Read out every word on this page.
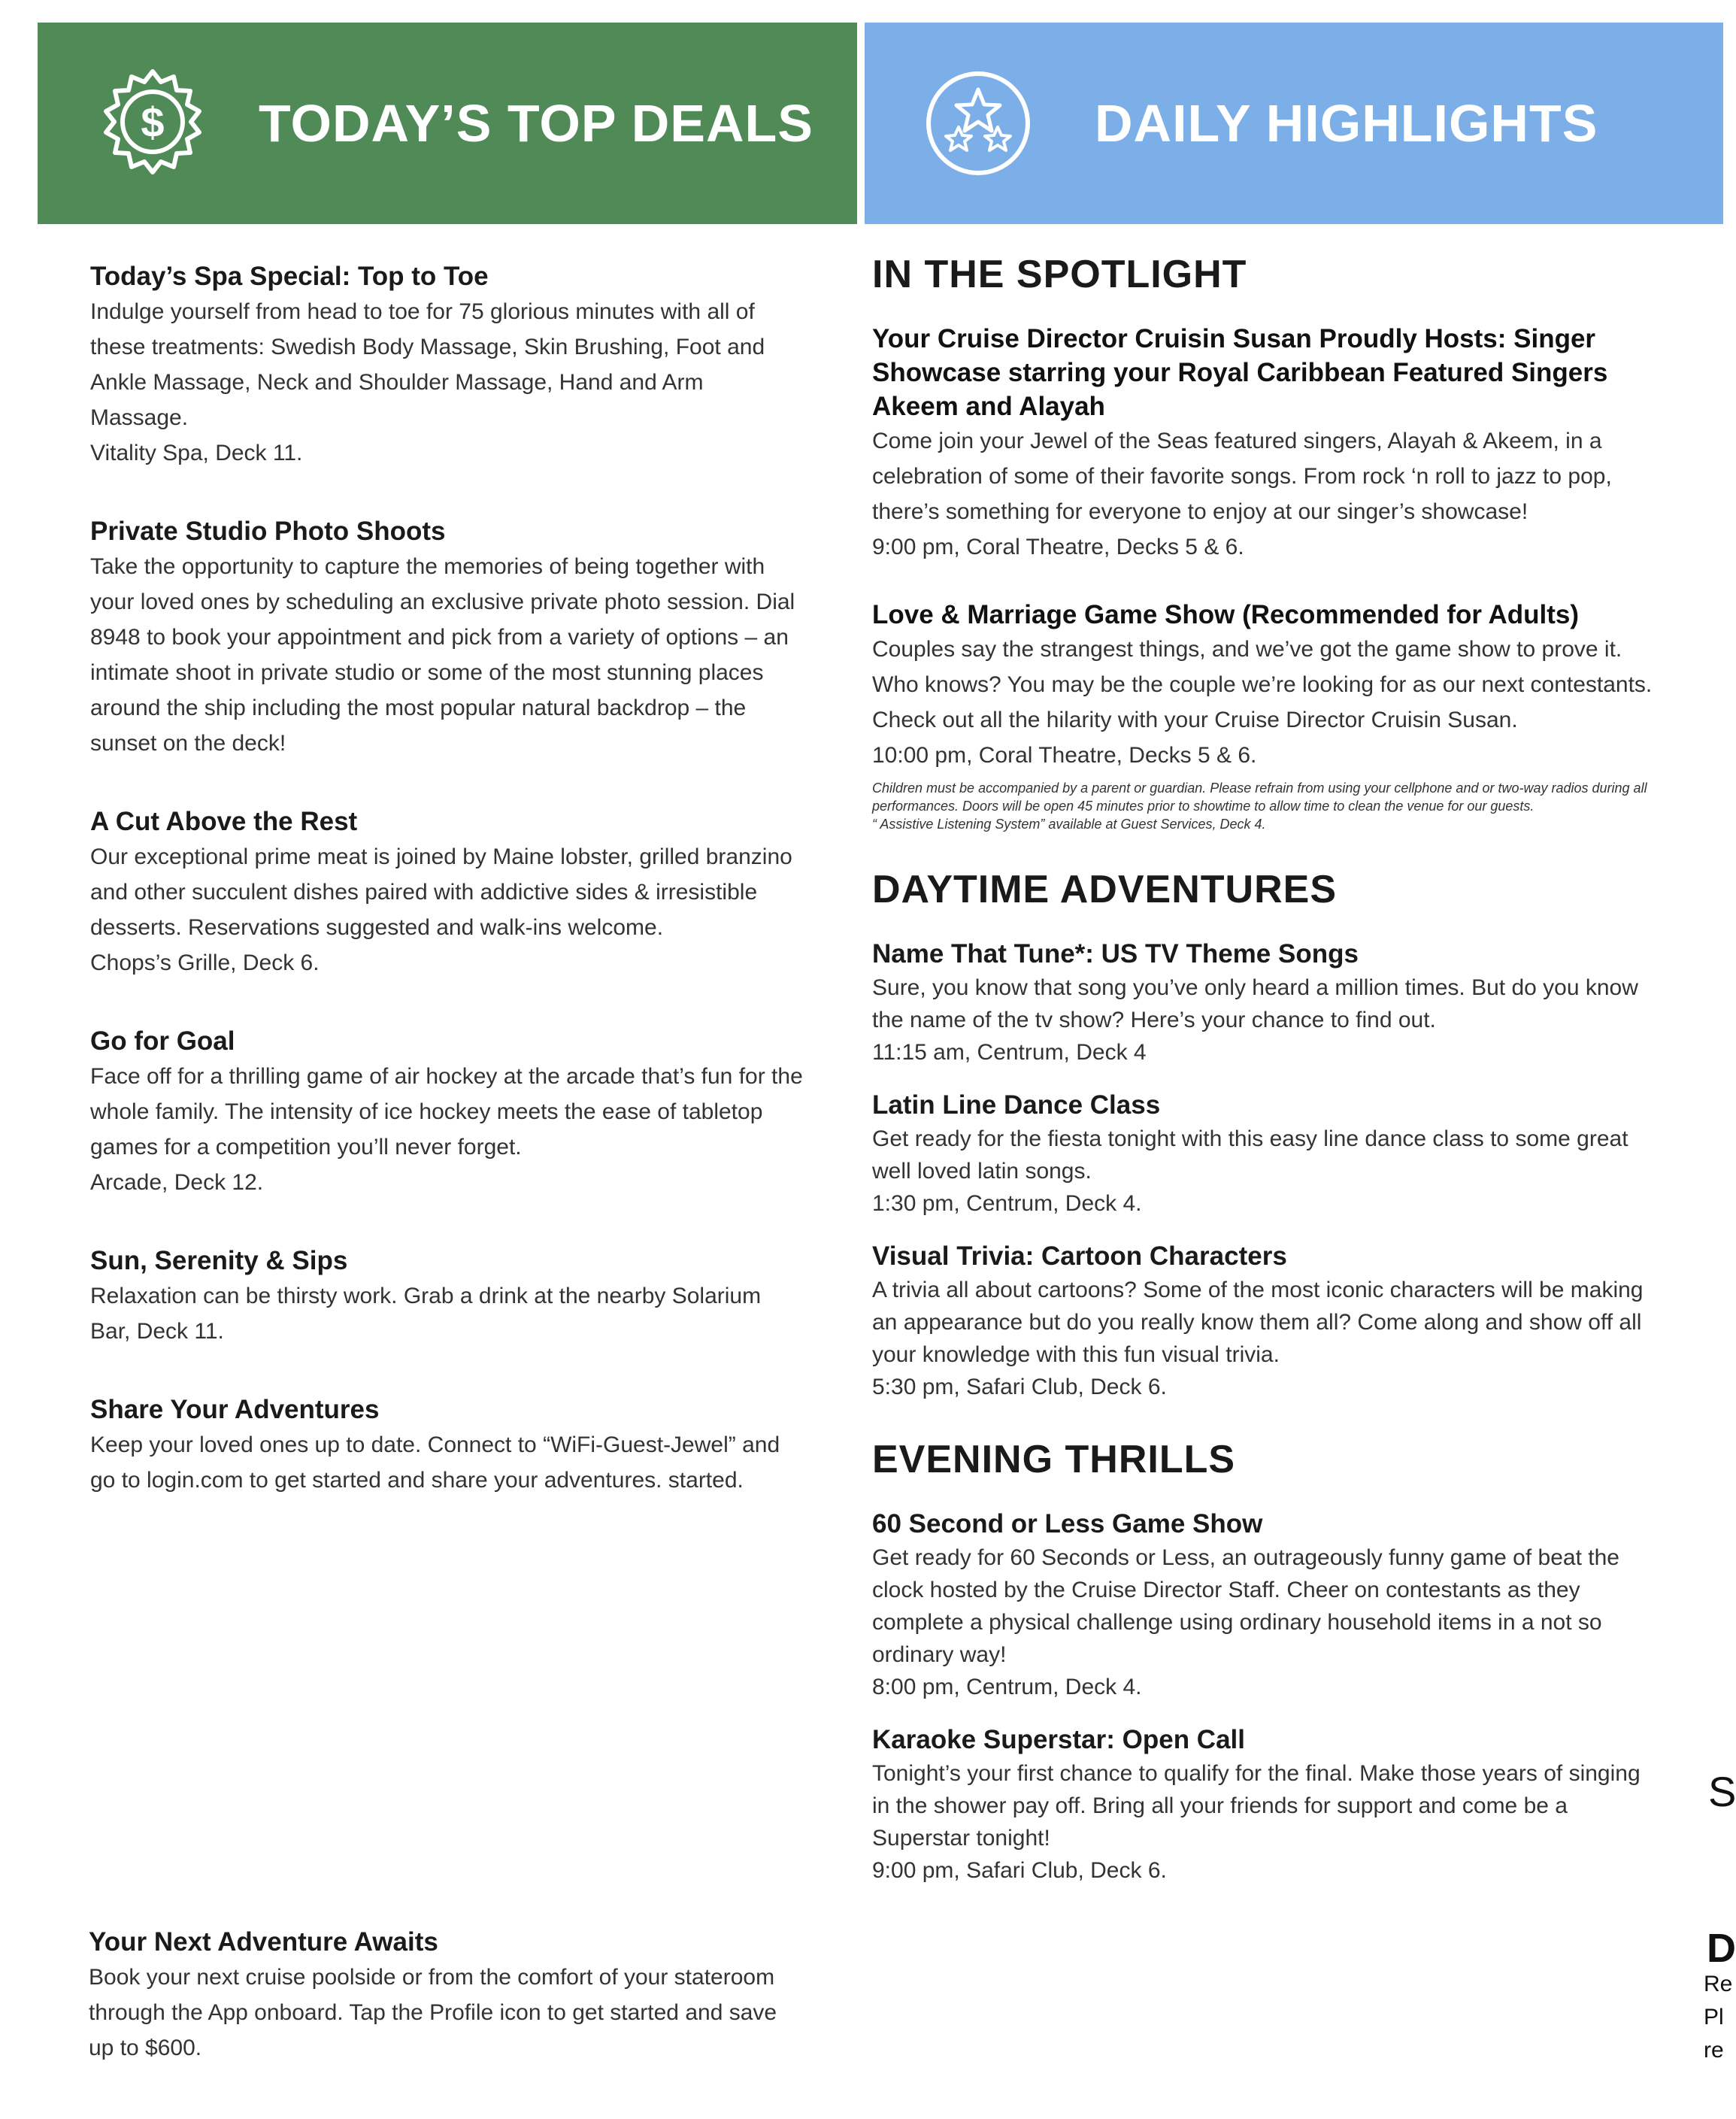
$ TODAY’S TOP DEALS	DAILY HIGHLIGHTS
Today’s Spa Special: Top to Toe
Indulge yourself from head to toe for 75 glorious minutes with all of these treatments: Swedish Body Massage, Skin Brushing, Foot and Ankle Massage, Neck and Shoulder Massage, Hand and Arm Massage.
Vitality Spa, Deck 11.
Private Studio Photo Shoots
Take the opportunity to capture the memories of being together with your loved ones by scheduling an exclusive private photo session. Dial 8948 to book your appointment and pick from a variety of options – an intimate shoot in private studio or some of the most stunning places around the ship including the most popular natural backdrop – the sunset on the deck!
A Cut Above the Rest
Our exceptional prime meat is joined by Maine lobster, grilled branzino and other succulent dishes paired with addictive sides & irresistible desserts. Reservations suggested and walk-ins welcome.
Chops’s Grille, Deck 6.
Go for Goal
Face off for a thrilling game of air hockey at the arcade that’s fun for the whole family. The intensity of ice hockey meets the ease of tabletop games for a competition you’ll never forget.
Arcade, Deck 12.
Sun, Serenity & Sips
Relaxation can be thirsty work. Grab a drink at the nearby Solarium Bar, Deck 11.
Share Your Adventures
Keep your loved ones up to date. Connect to “WiFi-Guest-Jewel” and go to login.com to get started and share your adventures. started.
Your Next Adventure Awaits
Book your next cruise poolside or from the comfort of your stateroom through the App onboard. Tap the Profile icon to get started and save up to $600.
IN THE SPOTLIGHT
Your Cruise Director Cruisin Susan Proudly Hosts: Singer Showcase starring your Royal Caribbean Featured Singers Akeem and Alayah
Come join your Jewel of the Seas featured singers, Alayah & Akeem, in a celebration of some of their favorite songs. From rock ‘n roll to jazz to pop, there’s something for everyone to enjoy at our singer’s showcase!
9:00 pm, Coral Theatre, Decks 5 & 6.
Love & Marriage Game Show (Recommended for Adults)
Couples say the strangest things, and we’ve got the game show to prove it. Who knows? You may be the couple we’re looking for as our next contestants. Check out all the hilarity with your Cruise Director Cruisin Susan.
10:00 pm, Coral Theatre, Decks 5 & 6.
Children must be accompanied by a parent or guardian. Please refrain from using your cellphone and or two-way radios during all performances. Doors will be open 45 minutes prior to showtime to allow time to clean the venue for our guests.
“ Assistive Listening System” available at Guest Services, Deck 4.
DAYTIME ADVENTURES
Name That Tune*: US TV Theme Songs
Sure, you know that song you’ve only heard a million times. But do you know the name of the tv show? Here’s your chance to find out.
11:15 am, Centrum, Deck 4
Latin Line Dance Class
Get ready for the fiesta tonight with this easy line dance class to some great well loved latin songs.
1:30 pm, Centrum, Deck 4.
Visual Trivia: Cartoon Characters
A trivia all about cartoons? Some of the most iconic characters will be making an appearance but do you really know them all? Come along and show off all your knowledge with this fun visual trivia.
5:30 pm, Safari Club, Deck 6.
EVENING THRILLS
60 Second or Less Game Show
Get ready for 60 Seconds or Less, an outrageously funny game of beat the clock hosted by the Cruise Director Staff. Cheer on contestants as they complete a physical challenge using ordinary household items in a not so ordinary way!
8:00 pm, Centrum, Deck 4.
Karaoke Superstar: Open Call
Tonight’s your first chance to qualify for the final. Make those years of singing in the shower pay off. Bring all your friends for support and come be a Superstar tonight!
9:00 pm, Safari Club, Deck 6.
S
D
Re
Pl
re
